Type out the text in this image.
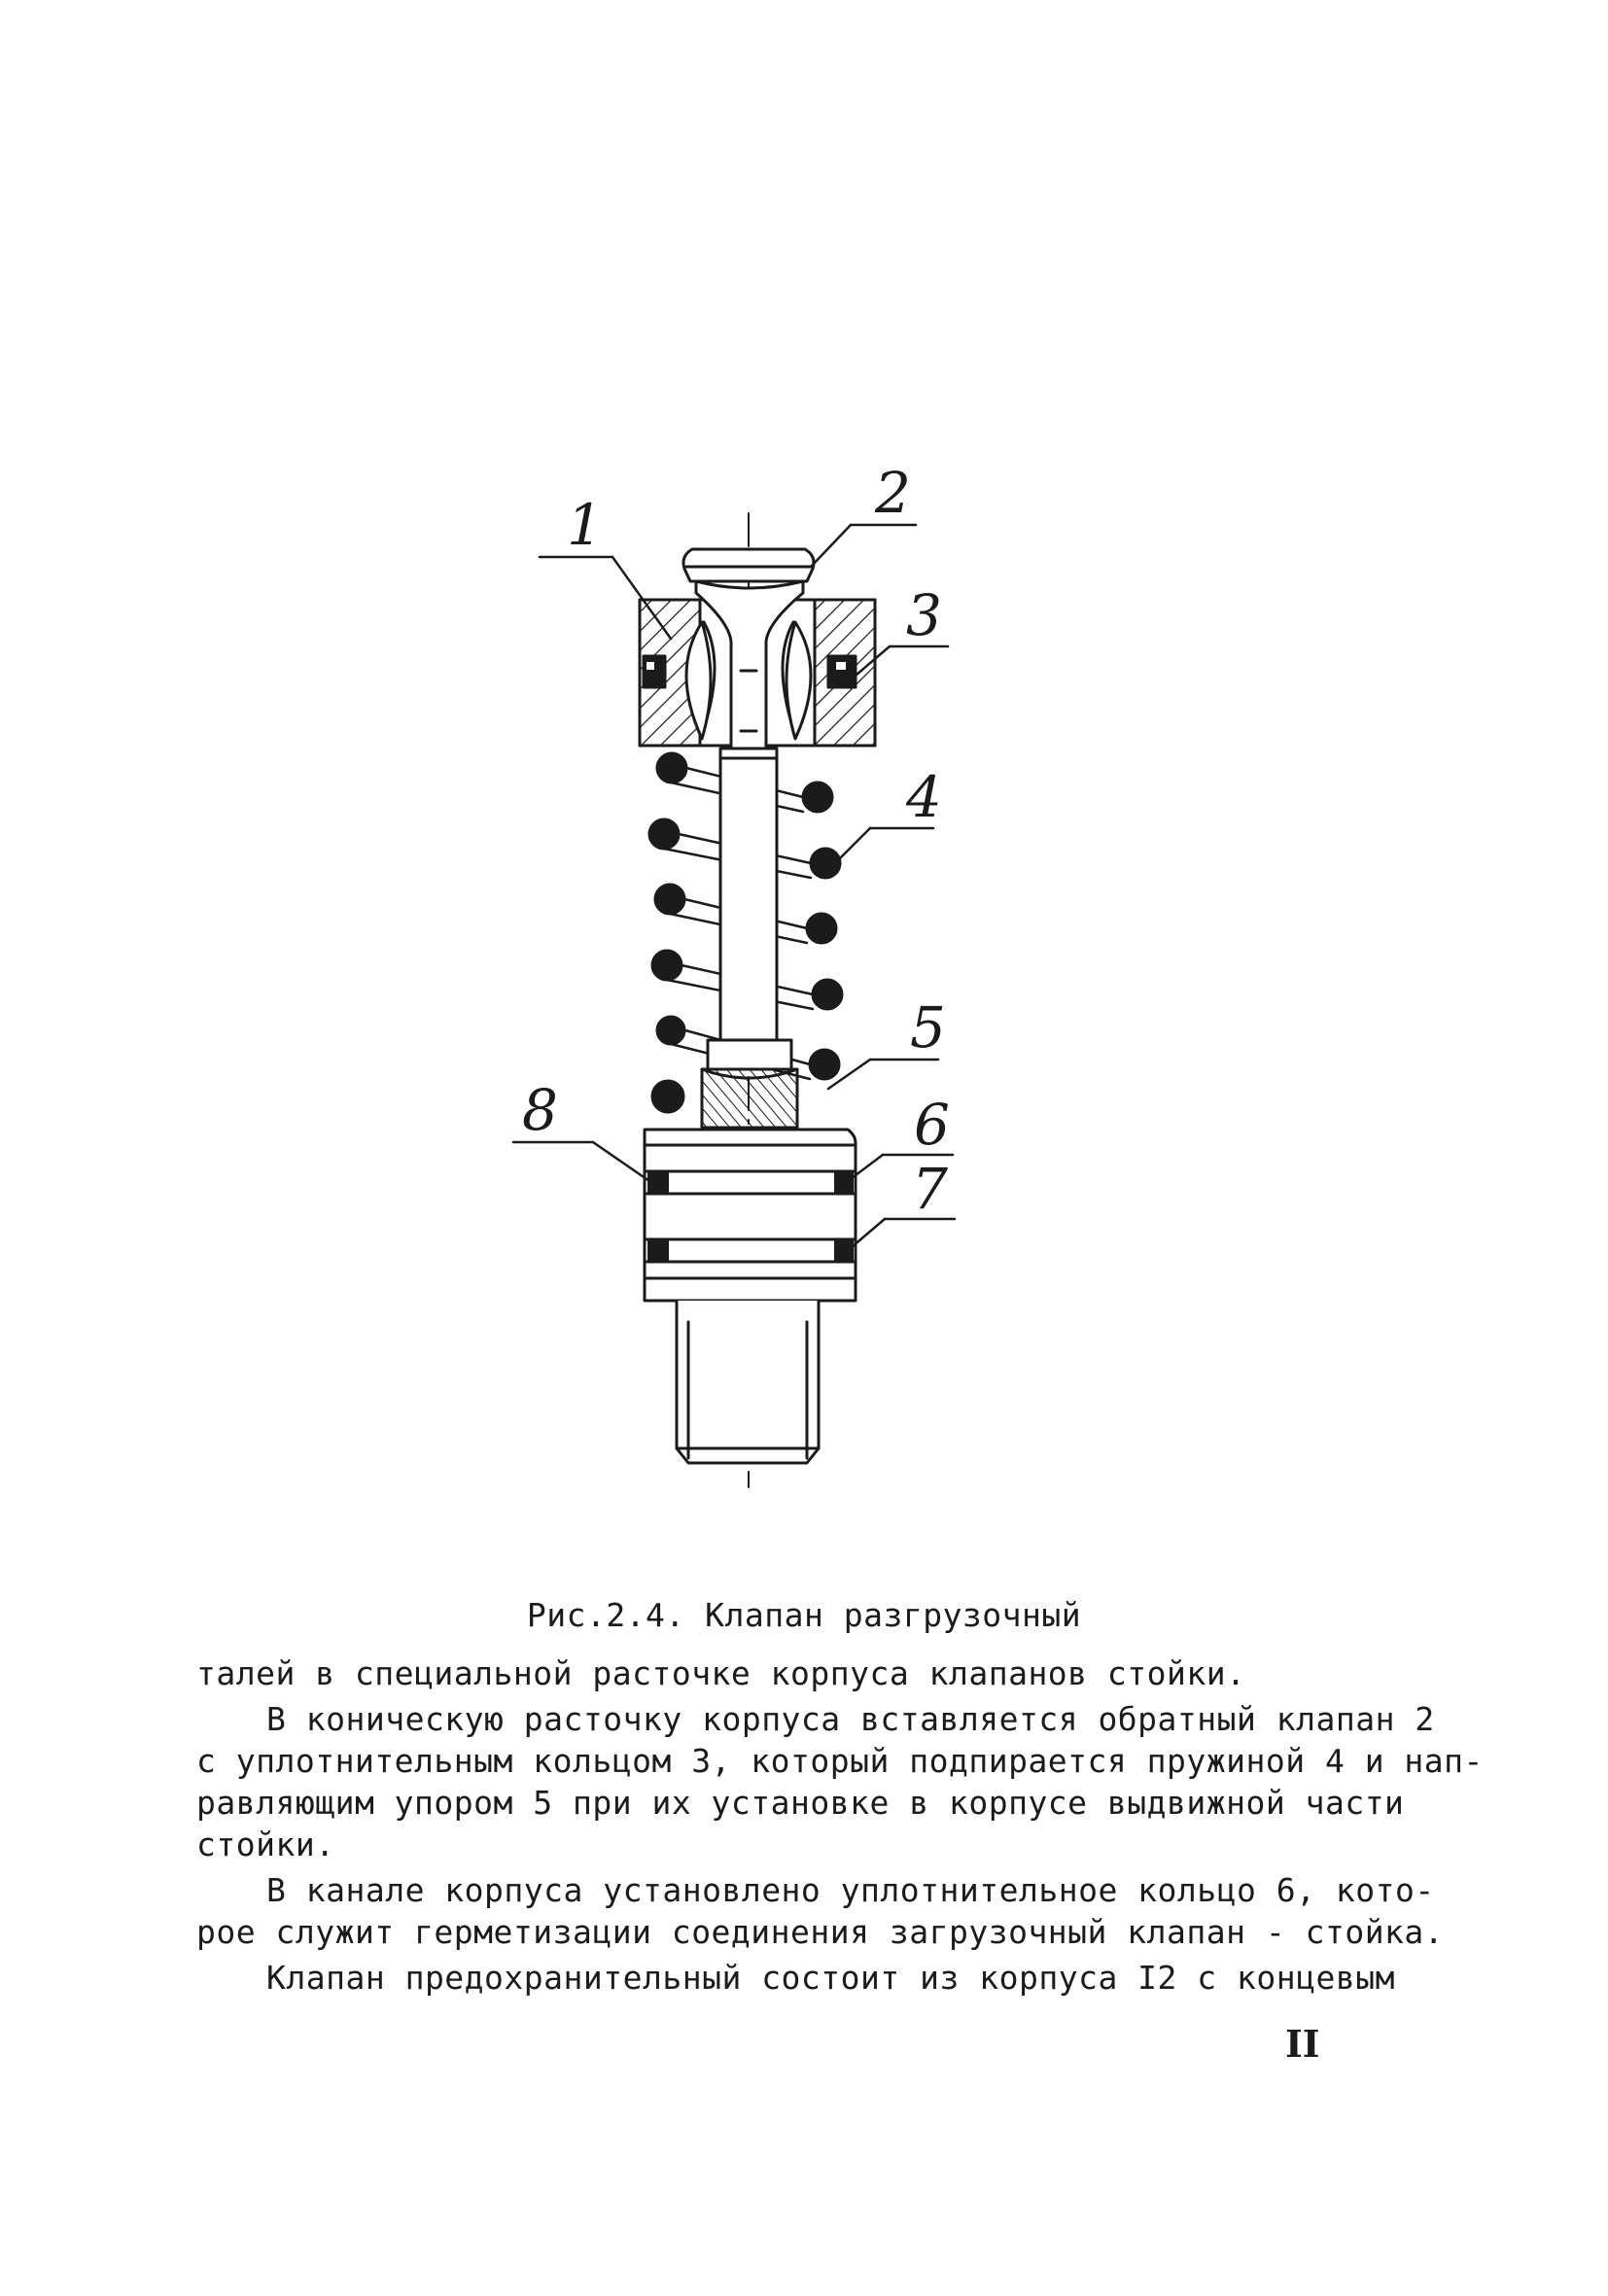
1	2
3
4
5
6
7
8
Рис.2.4. Клапан разгрузочный

талей в специальной расточке корпуса клапанов стойки.

В коническую расточку корпуса вставляется обратный клапан 2
с уплотнительным кольцом 3, который подпирается пружиной 4 и нап-
равляющим упором 5 при их установке в корпусе выдвижной части
стойки.

В канале корпуса установлено уплотнительное кольцо 6, кото-
рое служит герметизации соединения загрузочный клапан - стойка.

Клапан предохранительный состоит из корпуса I2 с концевым

II
